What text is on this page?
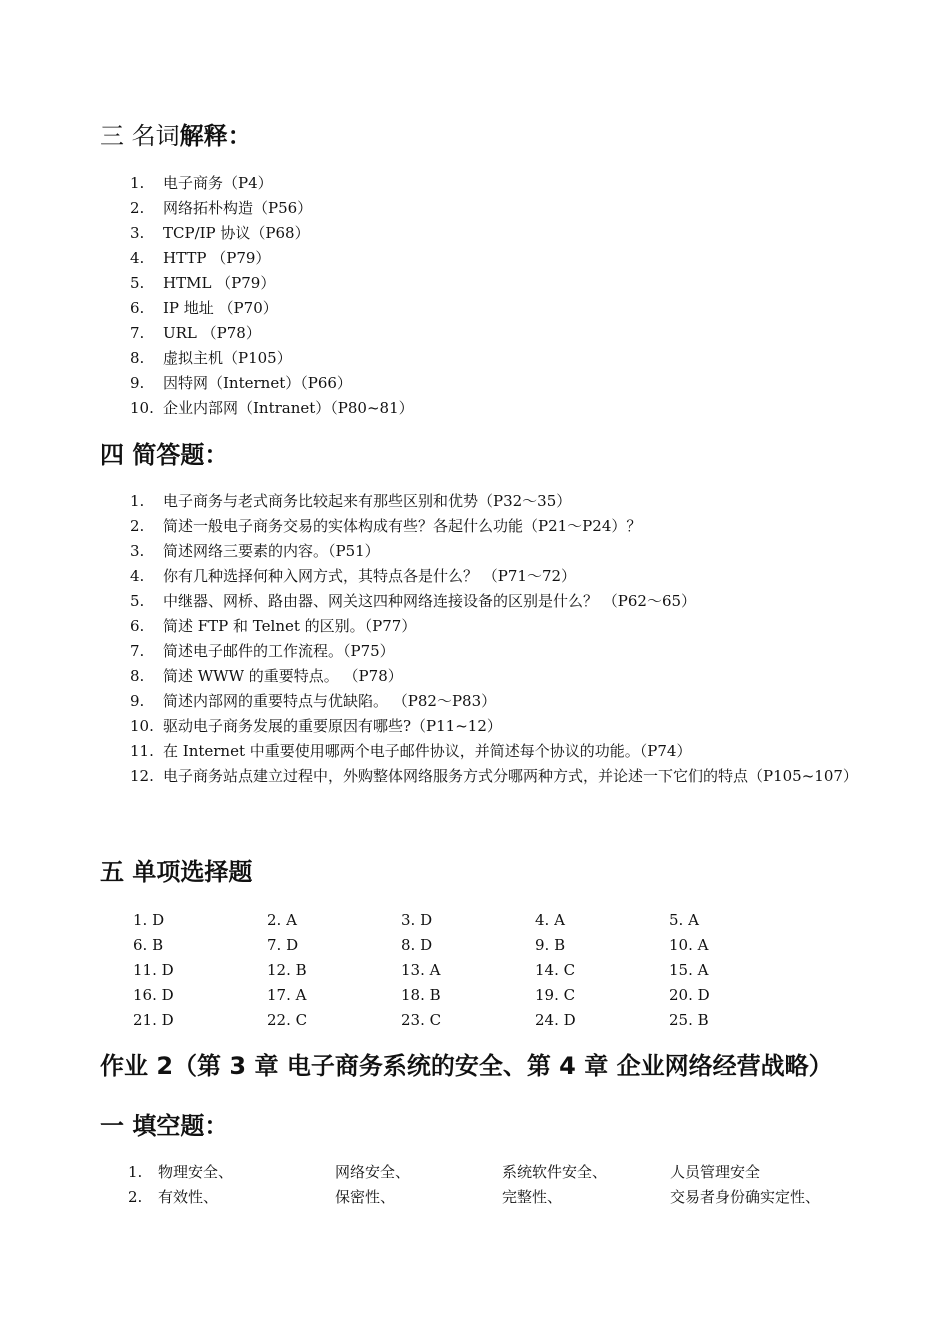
三 名词解释：
1. 电子商务（P4）
2. 网络拓朴构造（P56）
3. TCP/IP 协议（P68）
4. HTTP （P79）
5. HTML （P79）
6. IP 地址 （P70）
7. URL （P78）
8. 虚拟主机（P105）
9. 因特网（Internet）（P66）
10. 企业内部网（Intranet）（P80~81）
四 简答题：
1. 电子商务与老式商务比较起来有那些区别和优势（P32～35）
2. 简述一般电子商务交易的实体构成有些？各起什么功能（P21～P24）？
3. 简述网络三要素的内容。（P51）
4. 你有几种选择何种入网方式，其特点各是什么？ （P71～72）
5. 中继器、网桥、路由器、网关这四种网络连接设备的区别是什么？ （P62～65）
6. 简述 FTP 和 Telnet 的区别。（P77）
7. 简述电子邮件的工作流程。（P75）
8. 简述 WWW 的重要特点。 （P78）
9. 简述内部网的重要特点与优缺陷。 （P82～P83）
10. 驱动电子商务发展的重要原因有哪些?（P11~12）
11. 在 Internet 中重要使用哪两个电子邮件协议，并简述每个协议的功能。（P74）
12. 电子商务站点建立过程中，外购整体网络服务方式分哪两种方式，并论述一下它们的特点（P105~107）
五 单项选择题
1. D	2. A	3. D	4. A	5. A
6. B	7. D	8. D	9. B	10. A
11. D	12. B	13. A	14. C	15. A
16. D	17. A	18. B	19. C	20. D
21. D	22. C	23. C	24. D	25. B
作业 2（第 3 章 电子商务系统的安全、第 4 章 企业网络经营战略）
一 填空题：
1.	物理安全、	网络安全、	系统软件安全、	人员管理安全
2.	有效性、	保密性、	完整性、	交易者身份确实定性、
